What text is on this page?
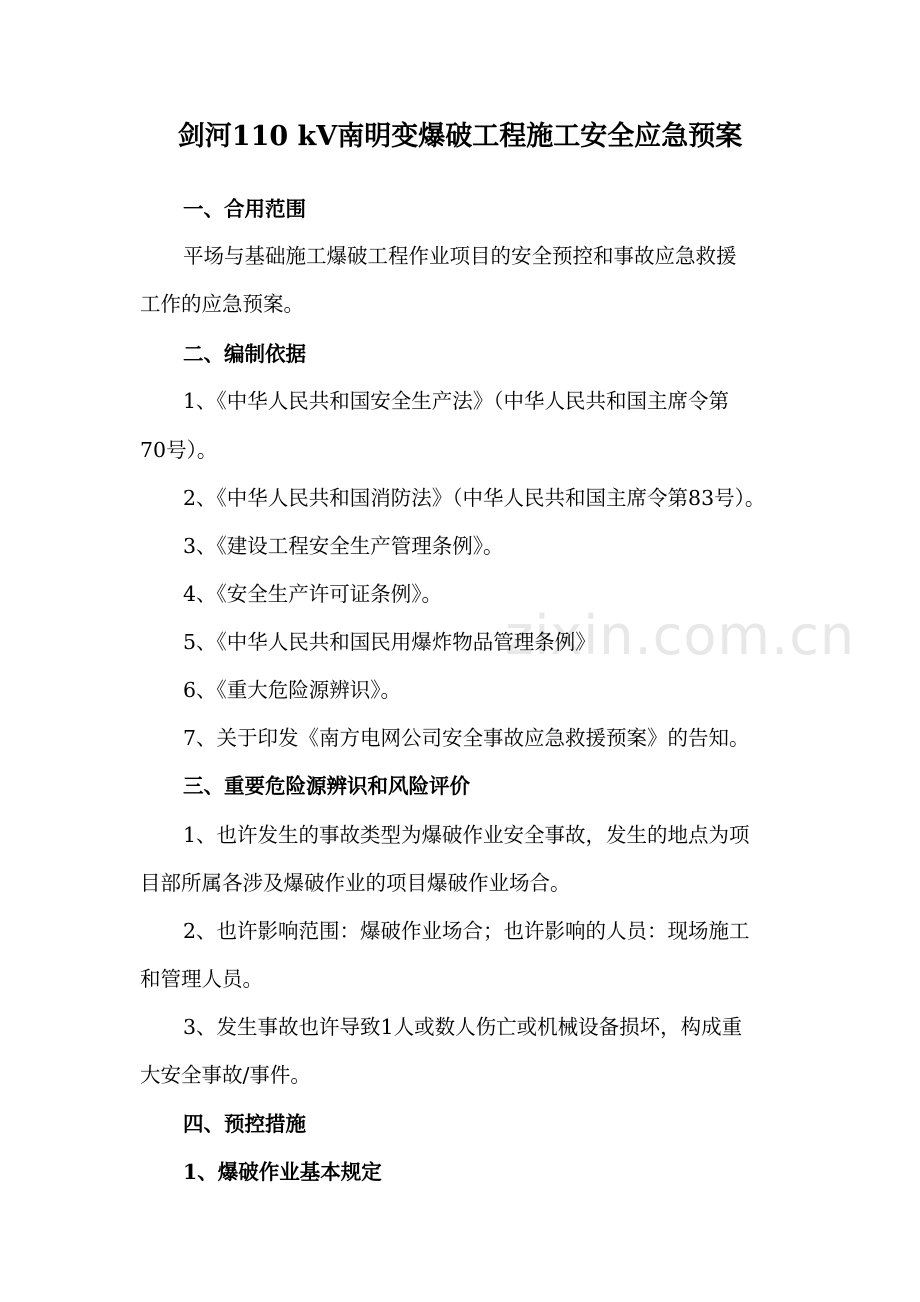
zixin.com.cn
剑河110 kV南明变爆破工程施工安全应急预案
一、合用范围
平场与基础施工爆破工程作业项目的安全预控和事故应急救援
工作的应急预案。
二、编制依据
1、《中华人民共和国安全生产法》（中华人民共和国主席令第
70号）。
2、《中华人民共和国消防法》（中华人民共和国主席令第83号）。
3、《建设工程安全生产管理条例》。
4、《安全生产许可证条例》。
5、《中华人民共和国民用爆炸物品管理条例》
6、《重大危险源辨识》。
7、关于印发《南方电网公司安全事故应急救援预案》的告知。
三、重要危险源辨识和风险评价
1、也许发生的事故类型为爆破作业安全事故，发生的地点为项
目部所属各涉及爆破作业的项目爆破作业场合。
2、也许影响范围：爆破作业场合；也许影响的人员：现场施工
和管理人员。
3、发生事故也许导致1人或数人伤亡或机械设备损坏，构成重
大安全事故/事件。
四、预控措施
1、爆破作业基本规定
